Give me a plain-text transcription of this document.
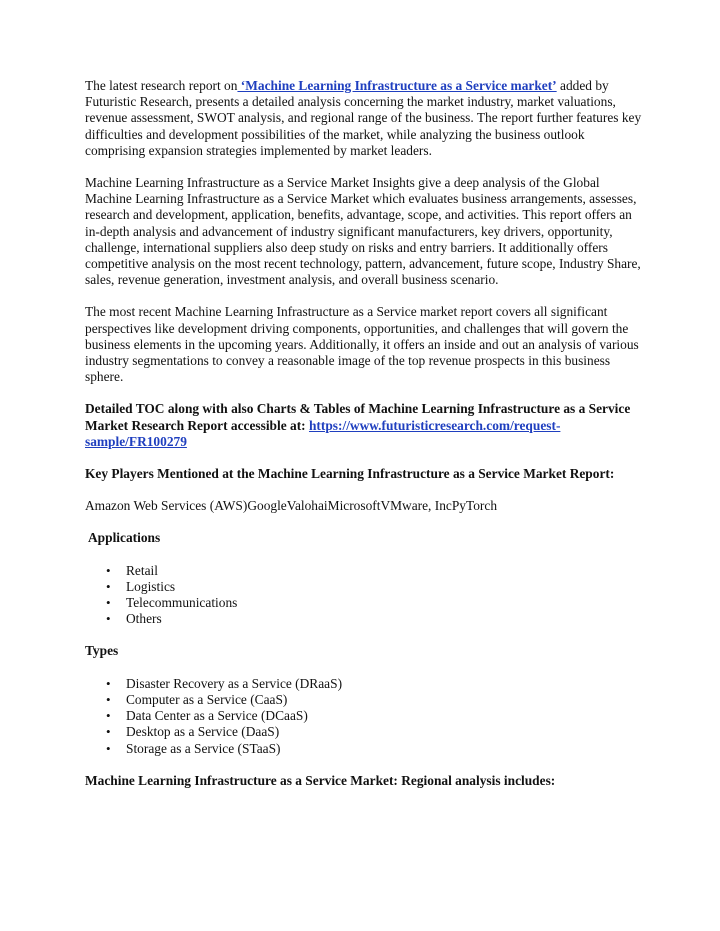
The latest research report on ‘Machine Learning Infrastructure as a Service market’ added by Futuristic Research, presents a detailed analysis concerning the market industry, market valuations, revenue assessment, SWOT analysis, and regional range of the business. The report further features key difficulties and development possibilities of the market, while analyzing the business outlook comprising expansion strategies implemented by market leaders.

Machine Learning Infrastructure as a Service Market Insights give a deep analysis of the Global Machine Learning Infrastructure as a Service Market which evaluates business arrangements, assesses, research and development, application, benefits, advantage, scope, and activities. This report offers an in-depth analysis and advancement of industry significant manufacturers, key drivers, opportunity, challenge, international suppliers also deep study on risks and entry barriers. It additionally offers competitive analysis on the most recent technology, pattern, advancement, future scope, Industry Share, sales, revenue generation, investment analysis, and overall business scenario.

The most recent Machine Learning Infrastructure as a Service market report covers all significant perspectives like development driving components, opportunities, and challenges that will govern the business elements in the upcoming years. Additionally, it offers an inside and out an analysis of various industry segmentations to convey a reasonable image of the top revenue prospects in this business sphere.

Detailed TOC along with also Charts & Tables of Machine Learning Infrastructure as a Service Market Research Report accessible at: https://www.futuristicresearch.com/request-sample/FR100279

Key Players Mentioned at the Machine Learning Infrastructure as a Service Market Report:

Amazon Web Services (AWS)GoogleValohaiMicrosoftVMware, IncPyTorch

Applications

• Retail
• Logistics
• Telecommunications
• Others

Types

• Disaster Recovery as a Service (DRaaS)
• Computer as a Service (CaaS)
• Data Center as a Service (DCaaS)
• Desktop as a Service (DaaS)
• Storage as a Service (STaaS)

Machine Learning Infrastructure as a Service Market: Regional analysis includes:
